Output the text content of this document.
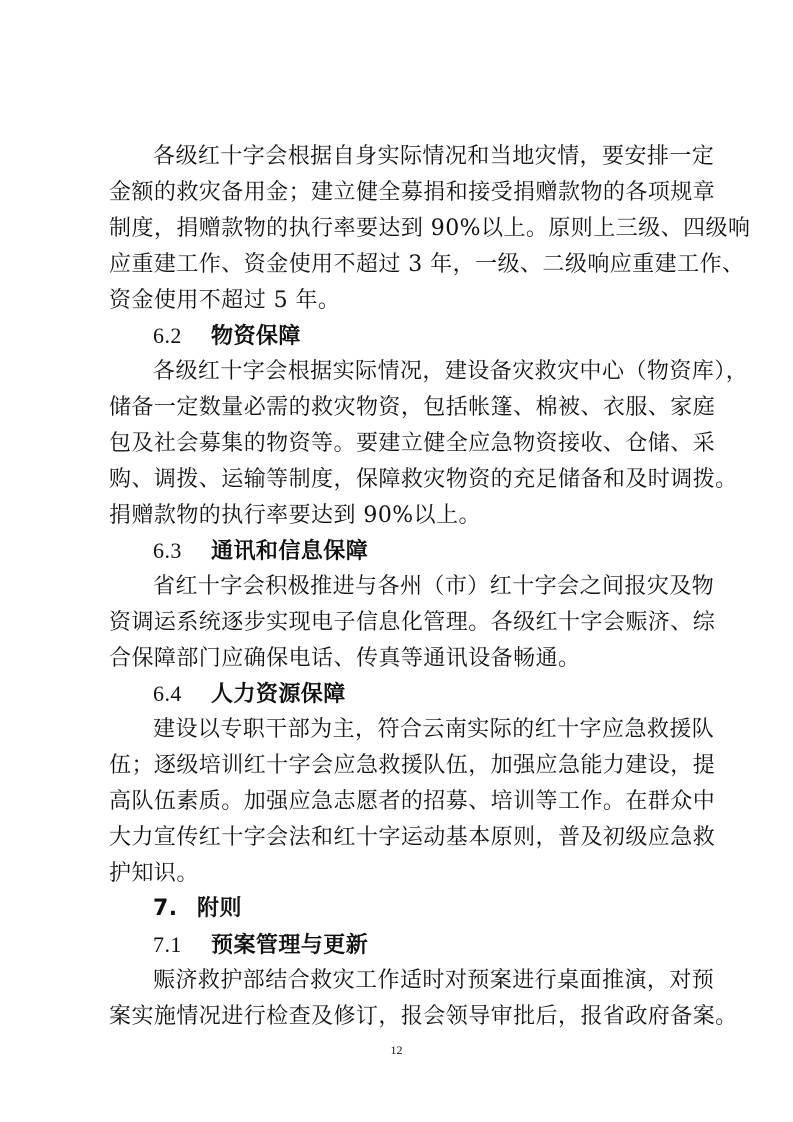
各级红十字会根据自身实际情况和当地灾情，要安排一定
金额的救灾备用金；建立健全募捐和接受捐赠款物的各项规章
制度，捐赠款物的执行率要达到 90%以上。原则上三级、四级响
应重建工作、资金使用不超过 3 年，一级、二级响应重建工作、
资金使用不超过 5 年。
6.2 物资保障
各级红十字会根据实际情况，建设备灾救灾中心（物资库），
储备一定数量必需的救灾物资，包括帐篷、棉被、衣服、家庭
包及社会募集的物资等。要建立健全应急物资接收、仓储、采
购、调拨、运输等制度，保障救灾物资的充足储备和及时调拨。
捐赠款物的执行率要达到 90%以上。
6.3 通讯和信息保障
省红十字会积极推进与各州（市）红十字会之间报灾及物
资调运系统逐步实现电子信息化管理。各级红十字会赈济、综
合保障部门应确保电话、传真等通讯设备畅通。
6.4 人力资源保障
建设以专职干部为主，符合云南实际的红十字应急救援队
伍；逐级培训红十字会应急救援队伍，加强应急能力建设，提
高队伍素质。加强应急志愿者的招募、培训等工作。在群众中
大力宣传红十字会法和红十字运动基本原则，普及初级应急救
护知识。
7. 附则
7.1 预案管理与更新
赈济救护部结合救灾工作适时对预案进行桌面推演，对预
案实施情况进行检查及修订，报会领导审批后，报省政府备案。
12
